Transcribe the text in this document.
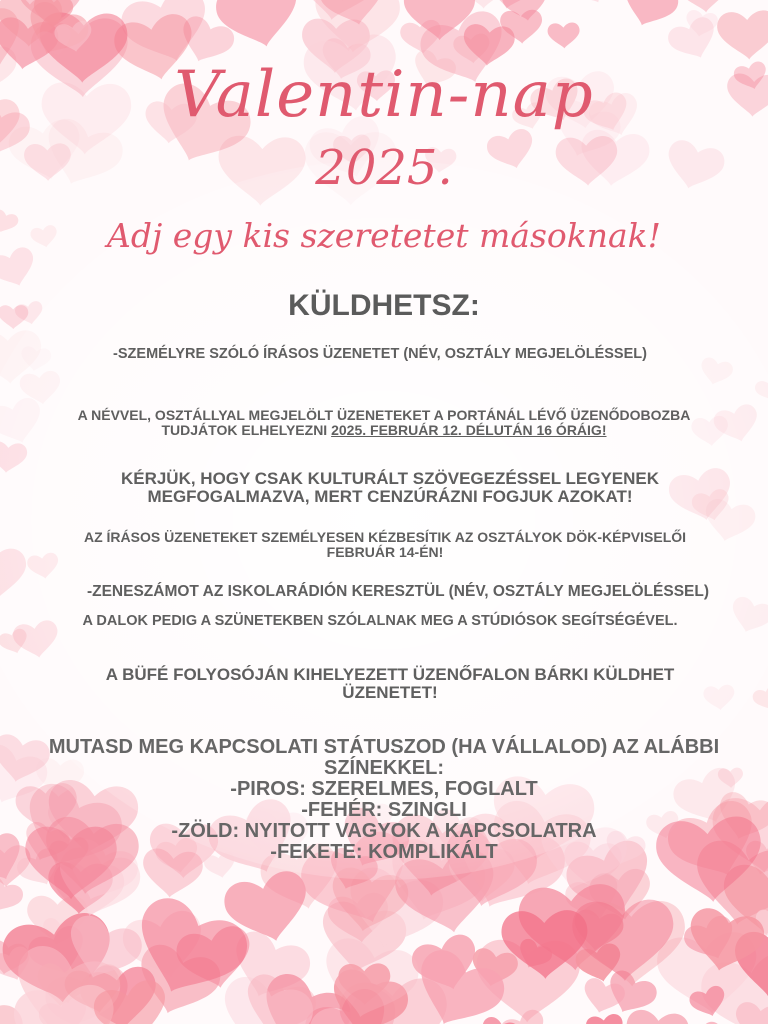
Valentin-nap
2025.
Adj egy kis szeretetet másoknak!
KÜLDHETSZ:
-SZEMÉLYRE SZÓLÓ ÍRÁSOS ÜZENETET (NÉV, OSZTÁLY MEGJELÖLÉSSEL)
A NÉVVEL, OSZTÁLLYAL MEGJELÖLT ÜZENETEKET A PORTÁNÁL LÉVŐ ÜZENŐDOBOZBA
TUDJÁTOK ELHELYEZNI 2025. FEBRUÁR 12. DÉLUTÁN 16 ÓRÁIG!
KÉRJÜK, HOGY CSAK KULTURÁLT SZÖVEGEZÉSSEL LEGYENEK
MEGFOGALMAZVA, MERT CENZÚRÁZNI FOGJUK AZOKAT!
AZ ÍRÁSOS ÜZENETEKET SZEMÉLYESEN KÉZBESÍTIK AZ OSZTÁLYOK DÖK-KÉPVISELŐI
FEBRUÁR 14-ÉN!
-ZENESZÁMOT AZ ISKOLARÁDIÓN KERESZTÜL (NÉV, OSZTÁLY MEGJELÖLÉSSEL)
A DALOK PEDIG A SZÜNETEKBEN SZÓLALNAK MEG A STÚDIÓSOK SEGÍTSÉGÉVEL.
A BÜFÉ FOLYOSÓJÁN KIHELYEZETT ÜZENŐFALON BÁRKI KÜLDHET
ÜZENETET!
MUTASD MEG KAPCSOLATI STÁTUSZOD (HA VÁLLALOD) AZ ALÁBBI
SZÍNEKKEL:
-PIROS: SZERELMES, FOGLALT
-FEHÉR: SZINGLI
-ZÖLD: NYITOTT VAGYOK A KAPCSOLATRA
-FEKETE: KOMPLIKÁLT
